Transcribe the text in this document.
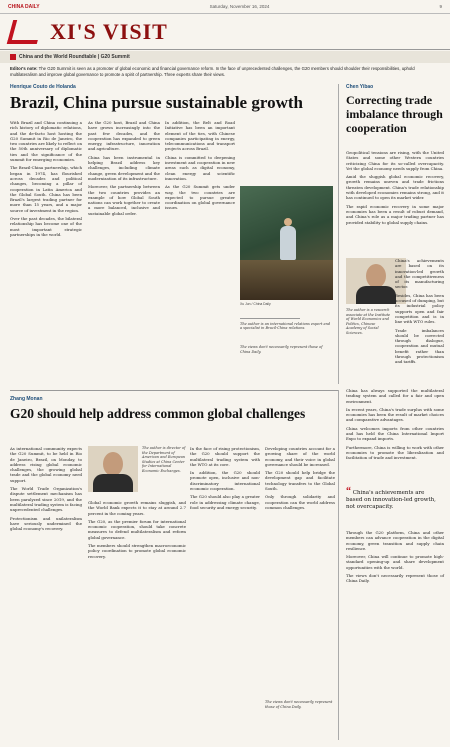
CHINA DAILY	Saturday, November 16, 2024	9
XI'S VISIT
China and the World Roundtable | G20 Summit
Editor's note: The G20 Summit is seen as a promoter of global economic and financial governance reform. In the face of unprecedented challenges, the G20 members should shoulder their responsibilities, uphold multilateralism and improve global governance to promote a spirit of partnership. Three experts share their views.
Henrique Couto de Holanda
Brazil, China pursue sustainable growth

With Brazil and China continuing a rich history of diplomatic relations, and the de-facto host hosting the G20 Summit in Rio de Janeiro, the two countries are likely to reflect on the 50th anniversary of diplomatic ties and the significance of the summit for emerging economies.

The Brazil-China partnership, which began in 1974, has flourished across decades and political changes, becoming a pillar of cooperation in Latin America and the Global South. China has been Brazil's largest trading partner for more than 15 years, and a major source of investment in the region.

Over the past decades, the bilateral relationship has become one of the most important strategic partnerships in the world.

As the G20 host, Brazil and China have grown increasingly into the past few decades, and the cooperation has expanded to green energy, infrastructure, innovation and agriculture.

China has been instrumental in helping Brazil address key challenges, including climate change, green development and the modernization of its infrastructure.

Moreover, the partnership between the two countries provides an example of how Global South nations can work together to create a more balanced, inclusive and sustainable global order.

In addition, the Belt and Road Initiative has been an important element of the ties, with Chinese companies participating in energy, telecommunications and transport projects across Brazil.

China is committed to deepening investment and cooperation in new areas such as digital economy, clean energy and scientific innovation.

As the G20 Summit gets under way, the two countries are expected to pursue greater coordination on global governance issues.

Xu Jun / China Daily
The author is an international relations expert and a specialist in Brazil-China relations.
The views don't necessarily represent those of China Daily.
Chen Yibao
Correcting trade imbalance through cooperation

Geopolitical tensions are rising, with the United States and some other Western countries criticizing China for its so-called overcapacity. Yet the global economy needs supply from China.

Amid the sluggish global economic recovery, growth remains uneven and trade frictions threaten development. China's trade relationship with developed economies remains strong, and it has continued to open its market wider.

The rapid economic recovery in some major economies has been a result of robust demand, and China's role as a major trading partner has provided stability to global supply chains.

The author is a research associate at the Institute of World Economics and Politics, Chinese Academy of Social Sciences.

China's achievements are based on its innovation-led growth and the competitiveness of its manufacturing sector.

Besides, China has been accused of dumping, but its industrial policy supports open and fair competition and is in line with WTO rules.

Trade imbalances should be corrected through dialogue, cooperation and mutual benefit rather than through protectionism and tariffs.

China has always supported the multilateral trading system and called for a fair and open environment.

In recent years, China's trade surplus with some economies has been the result of market choices and comparative advantages.

China welcomes imports from other countries and has held the China International Import Expo to expand imports.

Furthermore, China is willing to work with other economies to promote the liberalization and facilitation of trade and investment.

“ China's achievements are based on innovation-led growth, not overcapacity.

Through the G20 platform, China and other members can advance cooperation in the digital economy, green transition and supply chain resilience.

Moreover, China will continue to promote high-standard opening-up and share development opportunities with the world.

The views don't necessarily represent those of China Daily.

Zhang Monan
G20 should help address common global challenges

As international community expects the G20 Summit, to be held in Rio de Janeiro, Brazil, on Monday, to address rising global economic challenges, the growing global trade and the global economy need support.

The World Trade Organization's dispute settlement mechanism has been paralyzed since 2019, and the multilateral trading system is facing unprecedented challenges.

Protectionism and unilateralism have seriously undermined the global economy's recovery.

The author is director of the Department of American and European Studies at China Center for International Economic Exchanges.

Global economic growth remains sluggish, and the World Bank expects it to stay at around 2.7 percent in the coming years.

The G20, as the premier forum for international economic cooperation, should take concrete measures to defend multilateralism and reform global governance.

The members should strengthen macroeconomic policy coordination to promote global economic recovery.

In the face of rising protectionism, the G20 should support the multilateral trading system with the WTO at its core.

In addition, the G20 should promote open, inclusive and non-discriminatory international economic cooperation.

The G20 should also play a greater role in addressing climate change, food security and energy security.

Developing countries account for a growing share of the world economy, and their voice in global governance should be increased.

The G20 should help bridge the development gap and facilitate technology transfers to the Global South.

Only through solidarity and cooperation can the world address common challenges.

The views don't necessarily represent those of China Daily.
